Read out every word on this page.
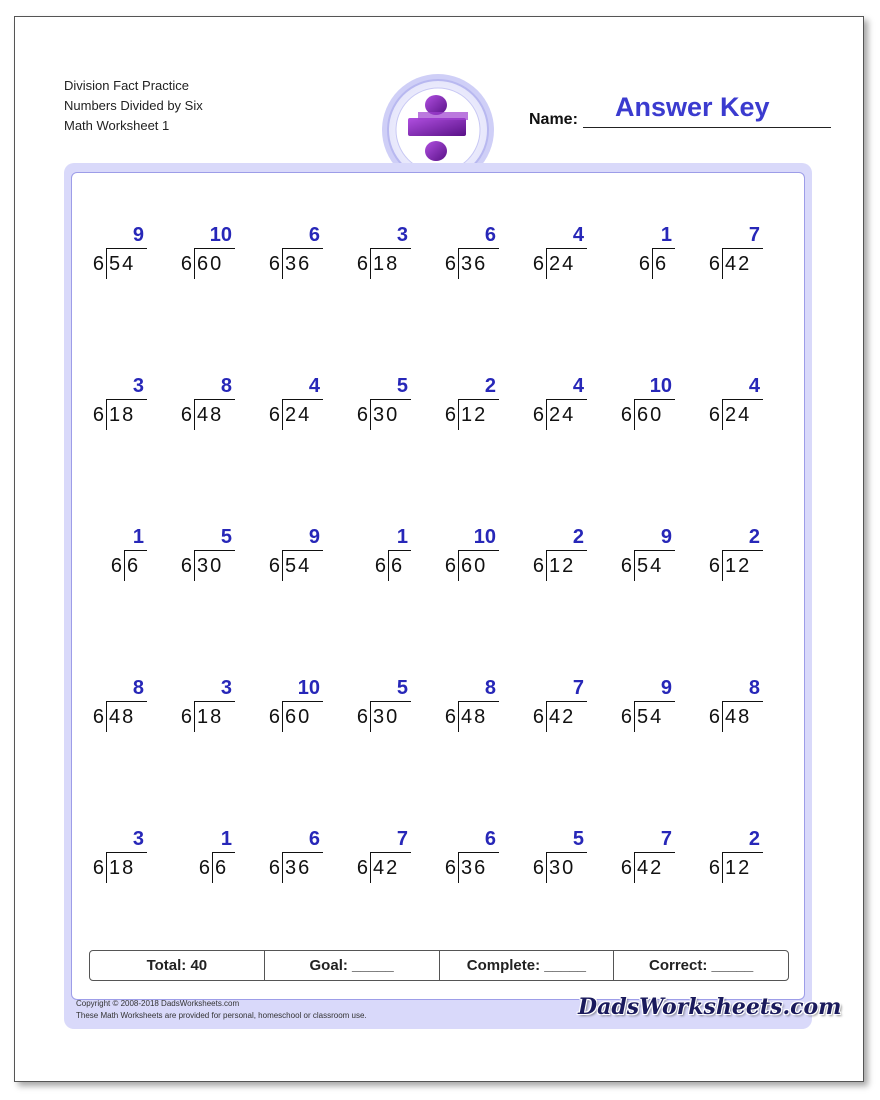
Division Fact Practice
Numbers Divided by Six
Math Worksheet 1	Name: Answer Key
9
6 54
10
6 60
6
6 36
3
6 18
6
6 36
4
6 24
1
6 6
7
6 42
3
6 18
8
6 48
4
6 24
5
6 30
2
6 12
4
6 24
10
6 60
4
6 24
1
6 6
5
6 30
9
6 54
1
6 6
10
6 60
2
6 12
9
6 54
2
6 12
8
6 48
3
6 18
10
6 60
5
6 30
8
6 48
7
6 42
9
6 54
8
6 48
3
6 18
1
6 6
6
6 36
7
6 42
6
6 36
5
6 30
7
6 42
2
6 12
Total: 40	Goal: _____	Complete: _____	Correct: _____
Copyright © 2008-2018 DadsWorksheets.com
These Math Worksheets are provided for personal, homeschool or classroom use.	DadsWorksheets.com
